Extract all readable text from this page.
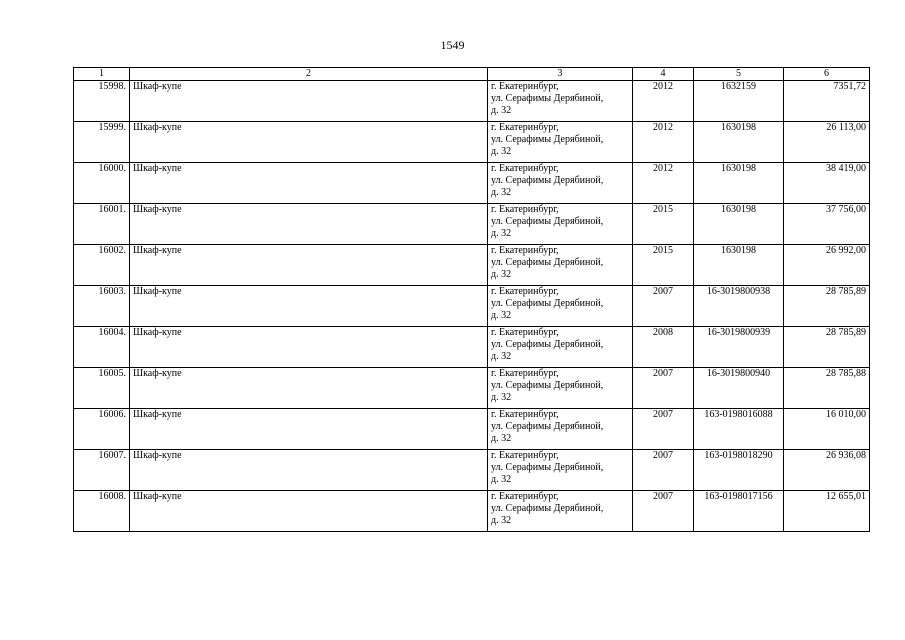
1549
1	2	3	4	5	6
15998.	Шкаф-купе	г. Екатеринбург,
ул. Серафимы Дерябиной,
д. 32	2012	1632159	7351,72
15999.	Шкаф-купе	г. Екатеринбург,
ул. Серафимы Дерябиной,
д. 32	2012	1630198	26 113,00
16000.	Шкаф-купе	г. Екатеринбург,
ул. Серафимы Дерябиной,
д. 32	2012	1630198	38 419,00
16001.	Шкаф-купе	г. Екатеринбург,
ул. Серафимы Дерябиной,
д. 32	2015	1630198	37 756,00
16002.	Шкаф-купе	г. Екатеринбург,
ул. Серафимы Дерябиной,
д. 32	2015	1630198	26 992,00
16003.	Шкаф-купе	г. Екатеринбург,
ул. Серафимы Дерябиной,
д. 32	2007	16-3019800938	28 785,89
16004.	Шкаф-купе	г. Екатеринбург,
ул. Серафимы Дерябиной,
д. 32	2008	16-3019800939	28 785,89
16005.	Шкаф-купе	г. Екатеринбург,
ул. Серафимы Дерябиной,
д. 32	2007	16-3019800940	28 785,88
16006.	Шкаф-купе	г. Екатеринбург,
ул. Серафимы Дерябиной,
д. 32	2007	163-0198016088	16 010,00
16007.	Шкаф-купе	г. Екатеринбург,
ул. Серафимы Дерябиной,
д. 32	2007	163-0198018290	26 936,08
16008.	Шкаф-купе	г. Екатеринбург,
ул. Серафимы Дерябиной,
д. 32	2007	163-0198017156	12 655,01
